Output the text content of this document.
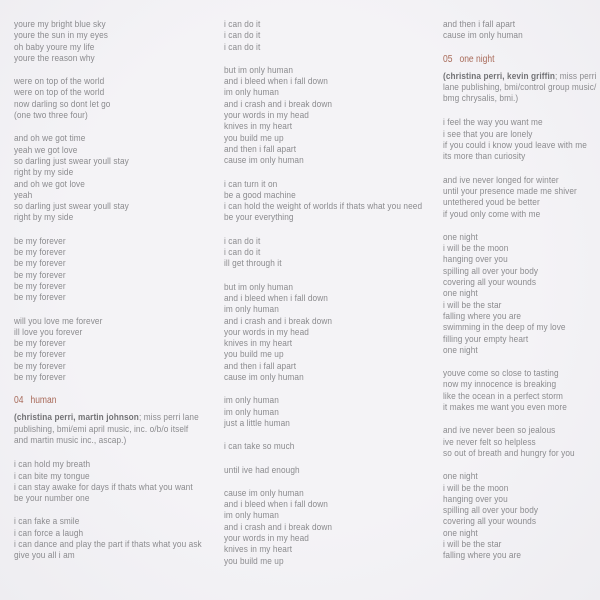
youre my bright blue sky
youre the sun in my eyes
oh baby youre my life
youre the reason why
were on top of the world
were on top of the world
now darling so dont let go
(one two three four)
and oh we got time
yeah we got love
so darling just swear youll stay
right by my side
and oh we got love
yeah
so darling just swear youll stay
right by my side
be my forever
be my forever
be my forever
be my forever
be my forever
be my forever
will you love me forever
ill love you forever
be my forever
be my forever
be my forever
be my forever
04 human
(christina perri, martin johnson; miss perri lane
publishing, bmi/emi april music, inc. o/b/o itself
and martin music inc., ascap.)
i can hold my breath
i can bite my tongue
i can stay awake for days if thats what you want
be your number one
i can fake a smile
i can force a laugh
i can dance and play the part if thats what you ask
give you all i am
i can do it
i can do it
i can do it
but im only human
and i bleed when i fall down
im only human
and i crash and i break down
your words in my head
knives in my heart
you build me up
and then i fall apart
cause im only human
i can turn it on
be a good machine
i can hold the weight of worlds if thats what you need
be your everything
i can do it
i can do it
ill get through it
but im only human
and i bleed when i fall down
im only human
and i crash and i break down
your words in my head
knives in my heart
you build me up
and then i fall apart
cause im only human
im only human
im only human
just a little human
i can take so much
until ive had enough
cause im only human
and i bleed when i fall down
im only human
and i crash and i break down
your words in my head
knives in my heart
you build me up
and then i fall apart
cause im only human
05 one night
(christina perri, kevin griffin; miss perri
lane publishing, bmi/control group music/
bmg chrysalis, bmi.)
i feel the way you want me
i see that you are lonely
if you could i know youd leave with me
its more than curiosity
and ive never longed for winter
until your presence made me shiver
untethered youd be better
if youd only come with me
one night
i will be the moon
hanging over you
spilling all over your body
covering all your wounds
one night
i will be the star
falling where you are
swimming in the deep of my love
filling your empty heart
one night
youve come so close to tasting
now my innocence is breaking
like the ocean in a perfect storm
it makes me want you even more
and ive never been so jealous
ive never felt so helpless
so out of breath and hungry for you
one night
i will be the moon
hanging over you
spilling all over your body
covering all your wounds
one night
i will be the star
falling where you are
